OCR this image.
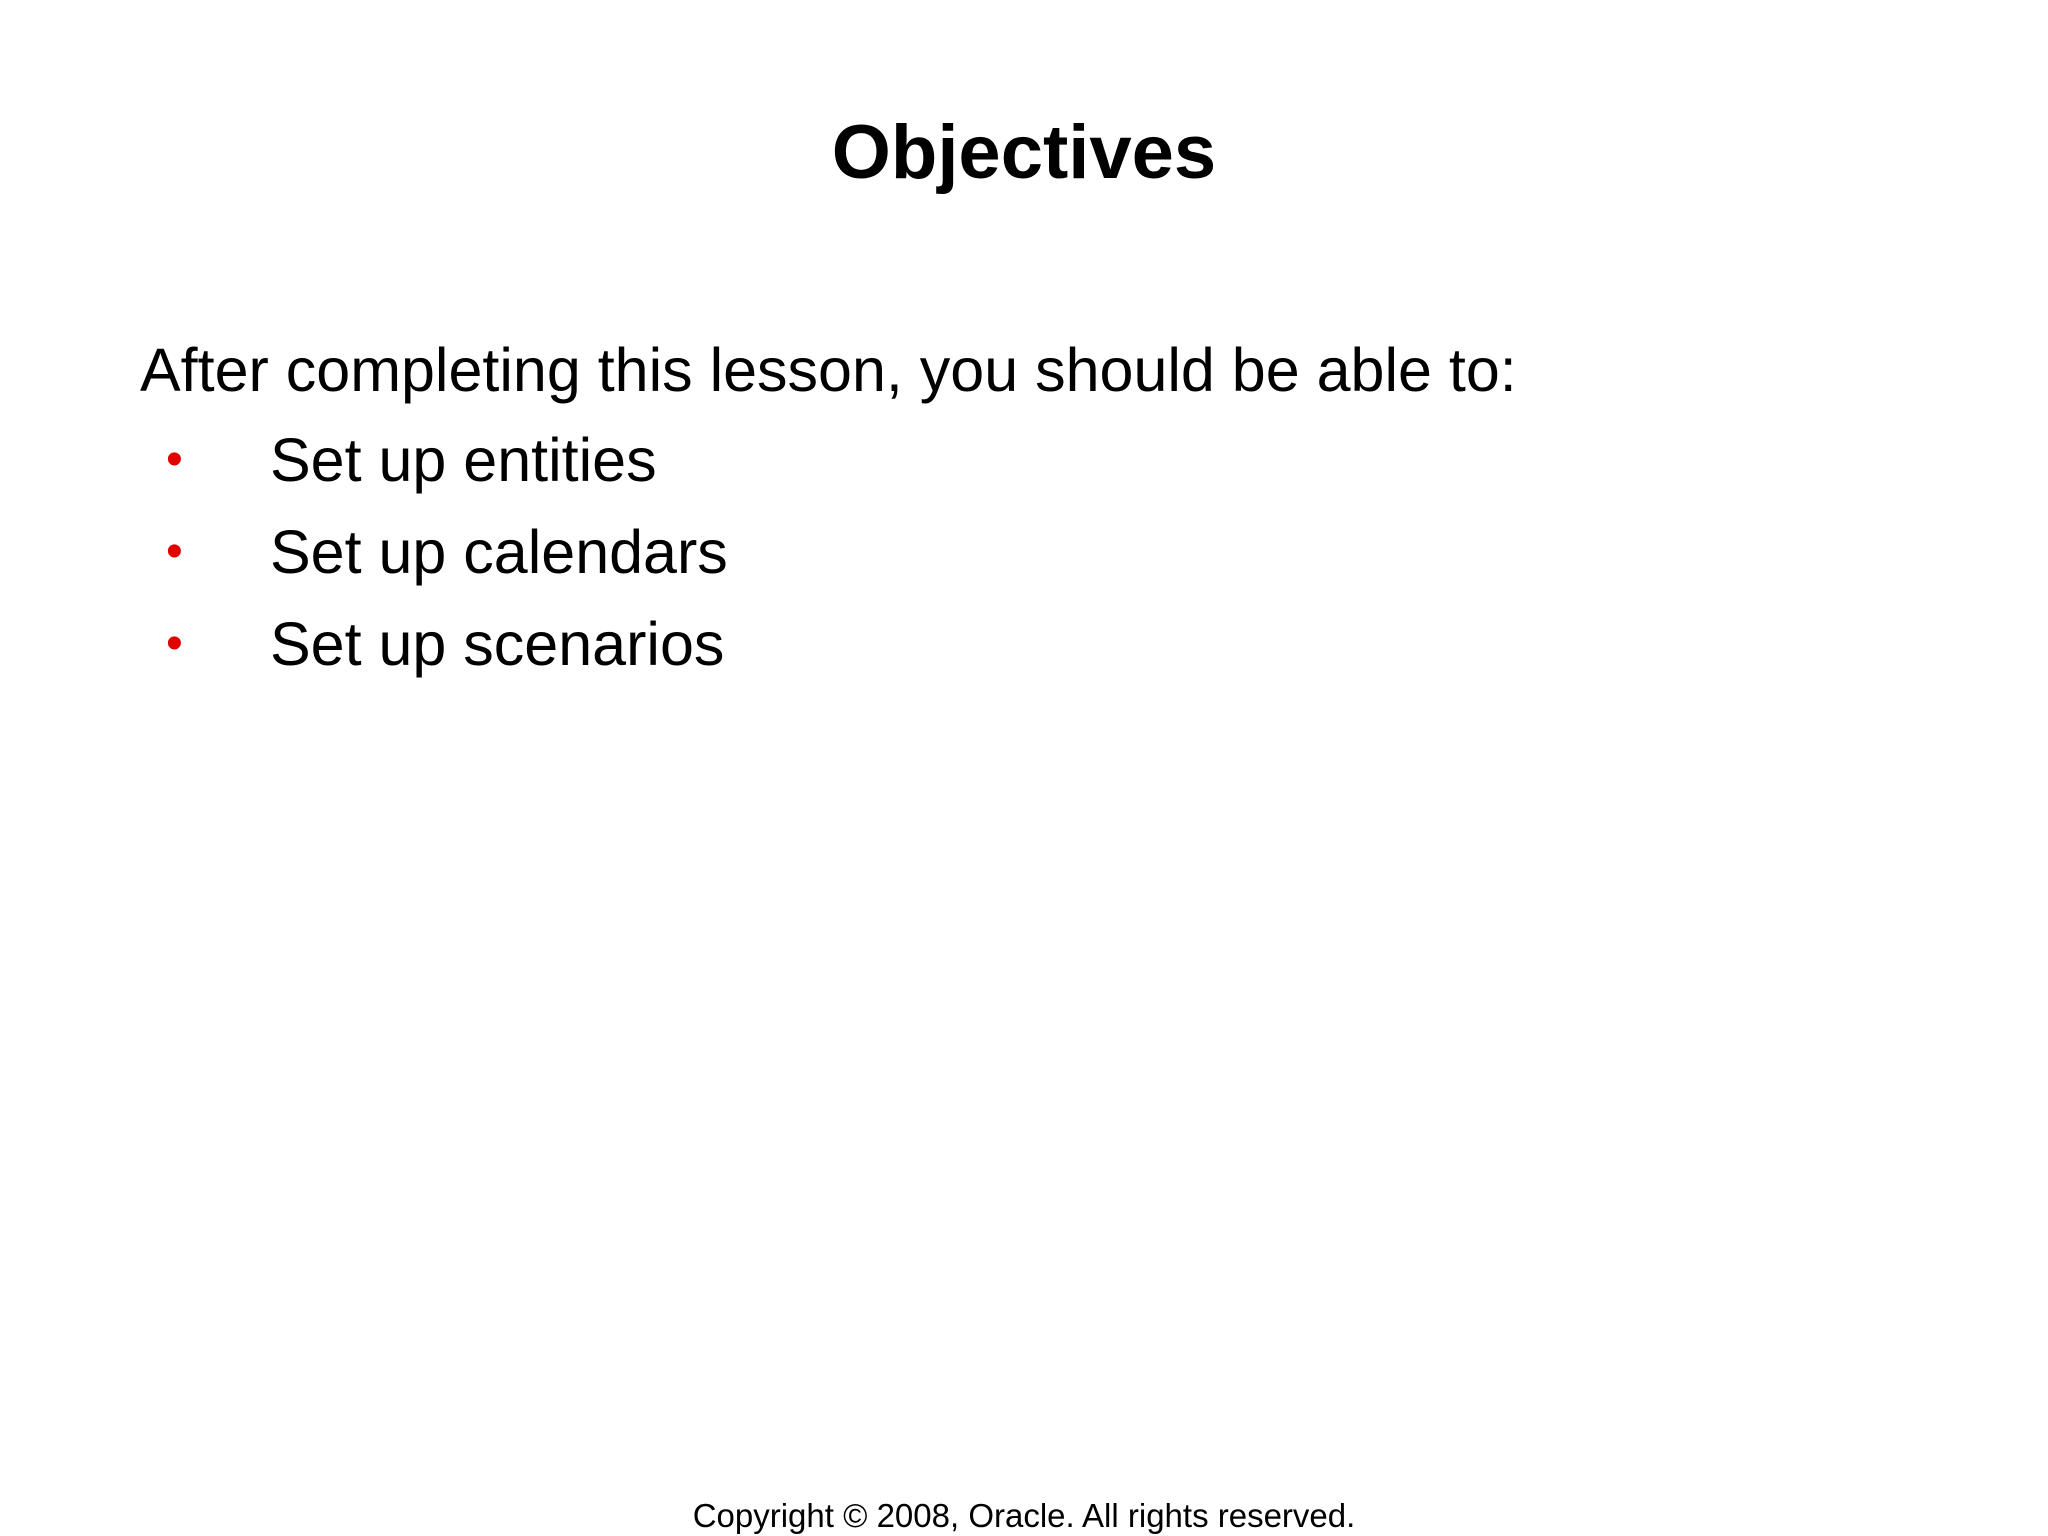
Objectives

After completing this lesson, you should be able to:

• Set up entities
• Set up calendars
• Set up scenarios

Copyright © 2008, Oracle. All rights reserved.
